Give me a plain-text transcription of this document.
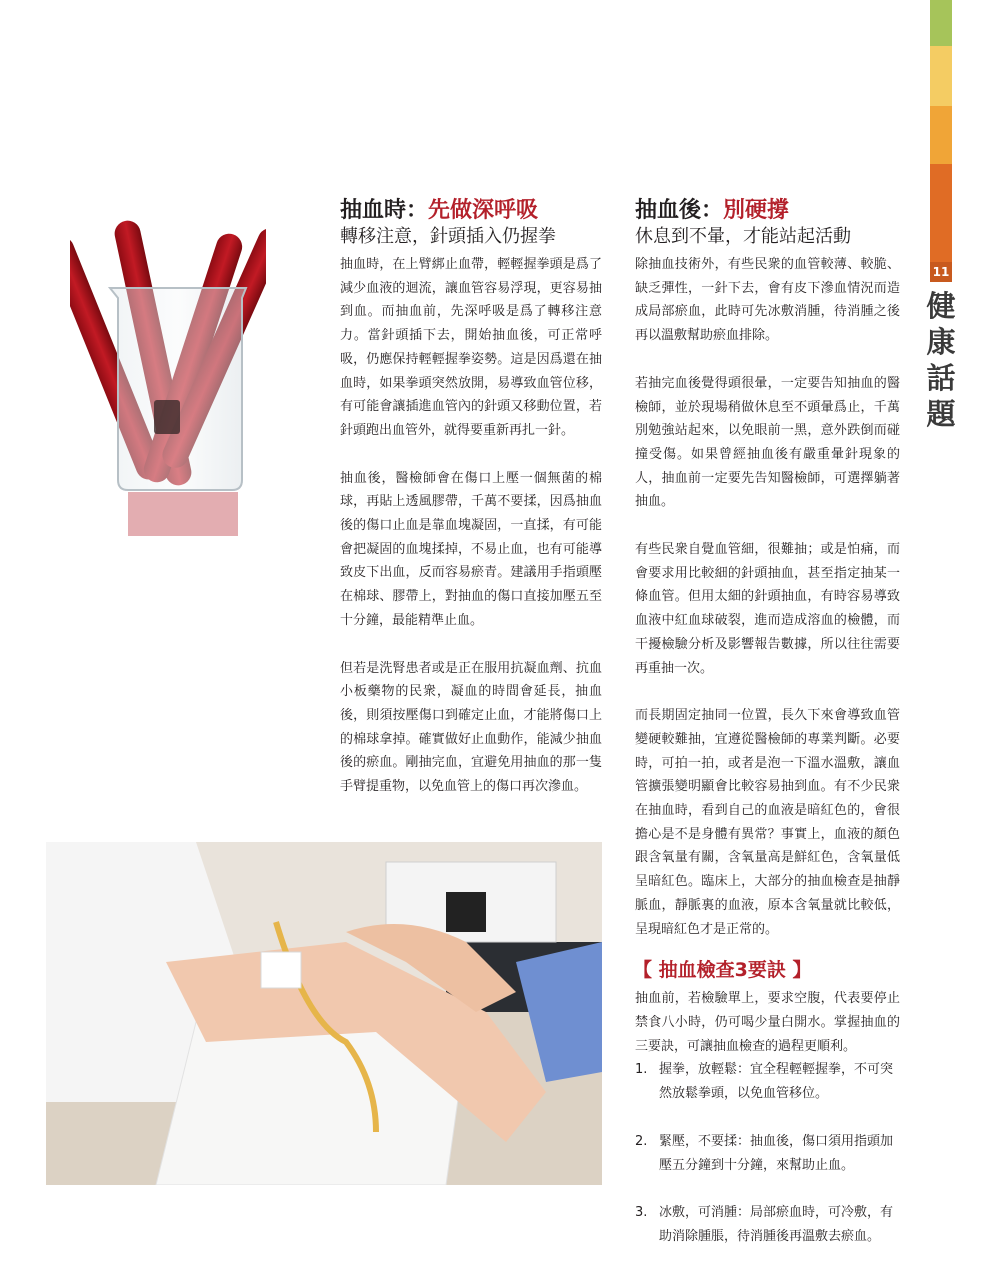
11
健
康
話
題
抽血時：先做深呼吸
轉移注意，針頭插入仍握拳

抽血時，在上臂綁止血帶，輕輕握拳頭是爲了減少血液的迴流，讓血管容易浮現，更容易抽到血。而抽血前，先深呼吸是爲了轉移注意力。當針頭插下去，開始抽血後，可正常呼吸，仍應保持輕輕握拳姿勢。這是因爲還在抽血時，如果拳頭突然放開，易導致血管位移，有可能會讓插進血管內的針頭又移動位置，若針頭跑出血管外，就得要重新再扎一針。

抽血後，醫檢師會在傷口上壓一個無菌的棉球，再貼上透風膠帶，千萬不要揉，因爲抽血後的傷口止血是靠血塊凝固，一直揉，有可能會把凝固的血塊揉掉，不易止血，也有可能導致皮下出血，反而容易瘀青。建議用手指頭壓在棉球、膠帶上，對抽血的傷口直接加壓五至十分鐘，最能精準止血。

但若是洗腎患者或是正在服用抗凝血劑、抗血小板藥物的民衆，凝血的時間會延長，抽血後，則須按壓傷口到確定止血，才能將傷口上的棉球拿掉。確實做好止血動作，能減少抽血後的瘀血。剛抽完血，宜避免用抽血的那一隻手臂提重物，以免血管上的傷口再次滲血。

抽血後：別硬撐
休息到不暈，才能站起活動

除抽血技術外，有些民衆的血管較薄、較脆、缺乏彈性，一針下去，會有皮下滲血情況而造成局部瘀血，此時可先冰敷消腫，待消腫之後再以溫敷幫助瘀血排除。

若抽完血後覺得頭很暈，一定要告知抽血的醫檢師，並於現場稍做休息至不頭暈爲止，千萬別勉強站起來，以免眼前一黑，意外跌倒而碰撞受傷。如果曾經抽血後有嚴重暈針現象的人，抽血前一定要先告知醫檢師，可選擇躺著抽血。

有些民衆自覺血管細，很難抽；或是怕痛，而會要求用比較細的針頭抽血，甚至指定抽某一條血管。但用太細的針頭抽血，有時容易導致血液中紅血球破裂，進而造成溶血的檢體，而干擾檢驗分析及影響報告數據，所以往往需要再重抽一次。

而長期固定抽同一位置，長久下來會導致血管變硬較難抽，宜遵從醫檢師的專業判斷。必要時，可拍一拍，或者是泡一下溫水溫敷，讓血管擴張變明顯會比較容易抽到血。有不少民衆在抽血時，看到自己的血液是暗紅色的，會很擔心是不是身體有異常？事實上，血液的顏色跟含氧量有關，含氧量高是鮮紅色，含氧量低呈暗紅色。臨床上，大部分的抽血檢查是抽靜脈血，靜脈裏的血液，原本含氧量就比較低，呈現暗紅色才是正常的。

【 抽血檢查3要訣 】

抽血前，若檢驗單上，要求空腹，代表要停止禁食八小時，仍可喝少量白開水。掌握抽血的三要訣，可讓抽血檢查的過程更順利。

1. 握拳，放輕鬆：宜全程輕輕握拳，不可突然放鬆拳頭，以免血管移位。
2. 緊壓，不要揉：抽血後，傷口須用指頭加壓五分鐘到十分鐘，來幫助止血。
3. 冰敷，可消腫：局部瘀血時，可冷敷，有助消除腫脹，待消腫後再溫敷去瘀血。
